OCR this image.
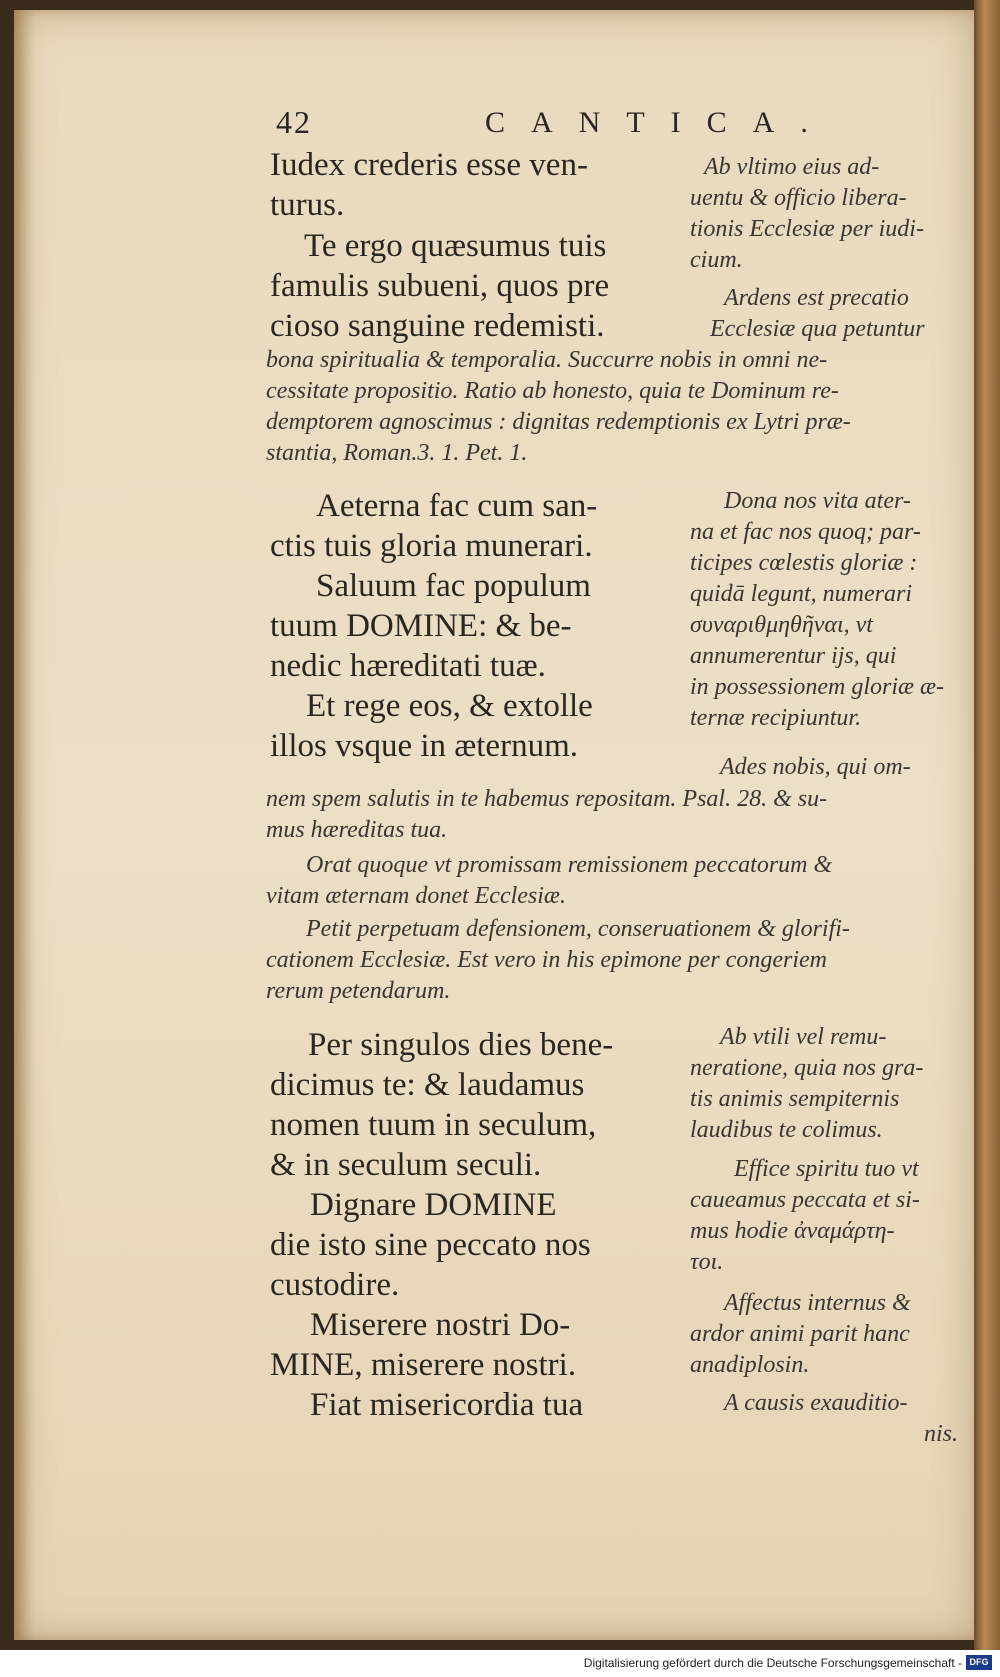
42	CANTICA.
Iudex crederis esse ven-
turus.
Te ergo quæsumus tuis
famulis subueni, quos pre
cioso sanguine redemisti.
Aeterna fac cum san-
ctis tuis gloria munerari.
Saluum fac populum
tuum DOMINE: & be-
nedic hæreditati tuæ.
Et rege eos, & extolle
illos vsque in æternum.
Per singulos dies bene-
dicimus te: & laudamus
nomen tuum in seculum,
& in seculum seculi.
Dignare DOMINE
die isto sine peccato nos
custodire.
Miserere nostri Do-
MINE, miserere nostri.
Fiat misericordia tua
Ab vltimo eius ad-
uentu & officio libera-
tionis Ecclesiæ per iudi-
cium.
Ardens est precatio
Ecclesiæ qua petuntur
Dona nos vita ater-
na et fac nos quoq; par-
ticipes cœlestis gloriæ :
quidā legunt, numerari
συναριθμηθῆναι, vt
annumerentur ijs, qui
in possessionem gloriæ æ-
ternæ recipiuntur.
Ades nobis, qui om-
Ab vtili vel remu-
neratione, quia nos gra-
tis animis sempiternis
laudibus te colimus.
Effice spiritu tuo vt
caueamus peccata et si-
mus hodie ἀναμάρτη-
τοι.
Affectus internus &
ardor animi parit hanc
anadiplosin.
A causis exauditio-
nis.
bona spiritualia & temporalia. Succurre nobis in omni ne-
cessitate propositio. Ratio ab honesto, quia te Dominum re-
demptorem agnoscimus : dignitas redemptionis ex Lytri præ-
stantia, Roman.3. 1. Pet. 1.
nem spem salutis in te habemus repositam. Psal. 28. & su-
mus hæreditas tua.
Orat quoque vt promissam remissionem peccatorum &
vitam æternam donet Ecclesiæ.
Petit perpetuam defensionem, conseruationem & glorifi-
cationem Ecclesiæ. Est vero in his epimone per congeriem
rerum petendarum.
Digitalisierung gefördert durch die Deutsche Forschungsgemeinschaft - DFG
